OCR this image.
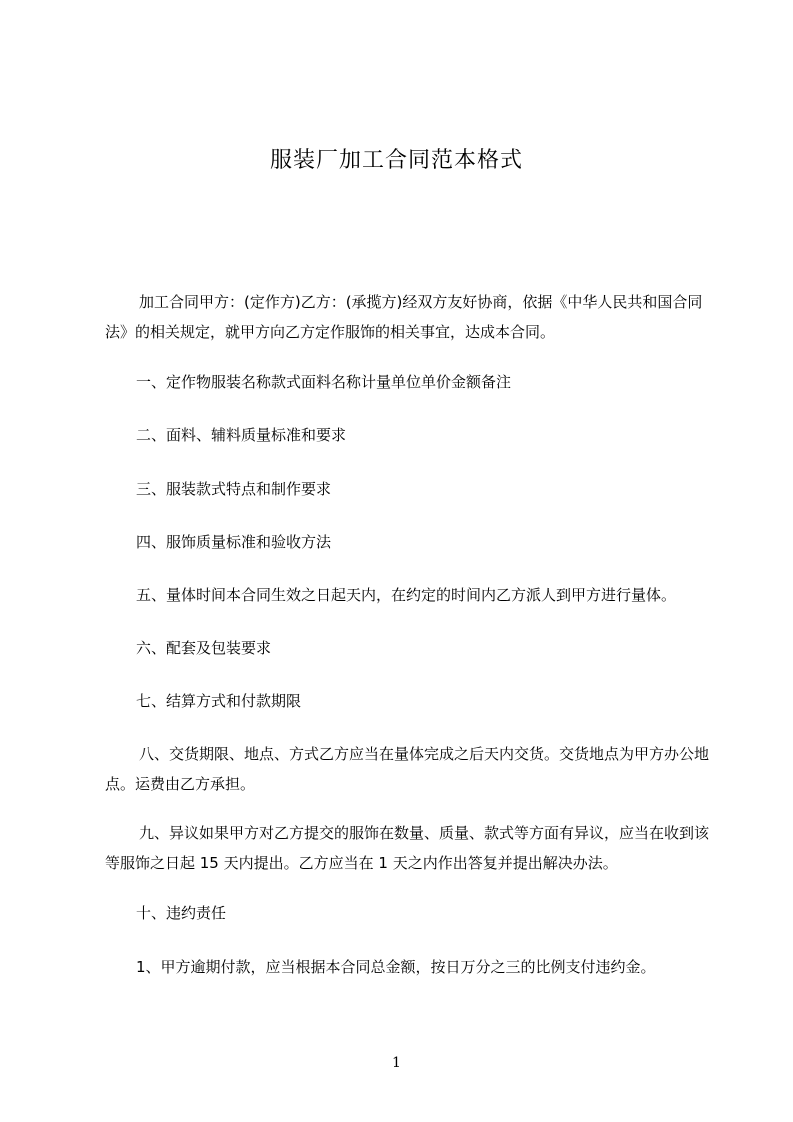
服装厂加工合同范本格式

加工合同甲方：(定作方)乙方：(承揽方)经双方友好协商，依据《中华人民共和国合同法》的相关规定，就甲方向乙方定作服饰的相关事宜，达成本合同。

一、定作物服装名称款式面料名称计量单位单价金额备注

二、面料、辅料质量标准和要求

三、服装款式特点和制作要求

四、服饰质量标准和验收方法

五、量体时间本合同生效之日起天内，在约定的时间内乙方派人到甲方进行量体。

六、配套及包装要求

七、结算方式和付款期限

八、交货期限、地点、方式乙方应当在量体完成之后天内交货。交货地点为甲方办公地点。运费由乙方承担。

九、异议如果甲方对乙方提交的服饰在数量、质量、款式等方面有异议，应当在收到该等服饰之日起 15 天内提出。乙方应当在 1 天之内作出答复并提出解决办法。

十、违约责任

1、甲方逾期付款，应当根据本合同总金额，按日万分之三的比例支付违约金。

1
